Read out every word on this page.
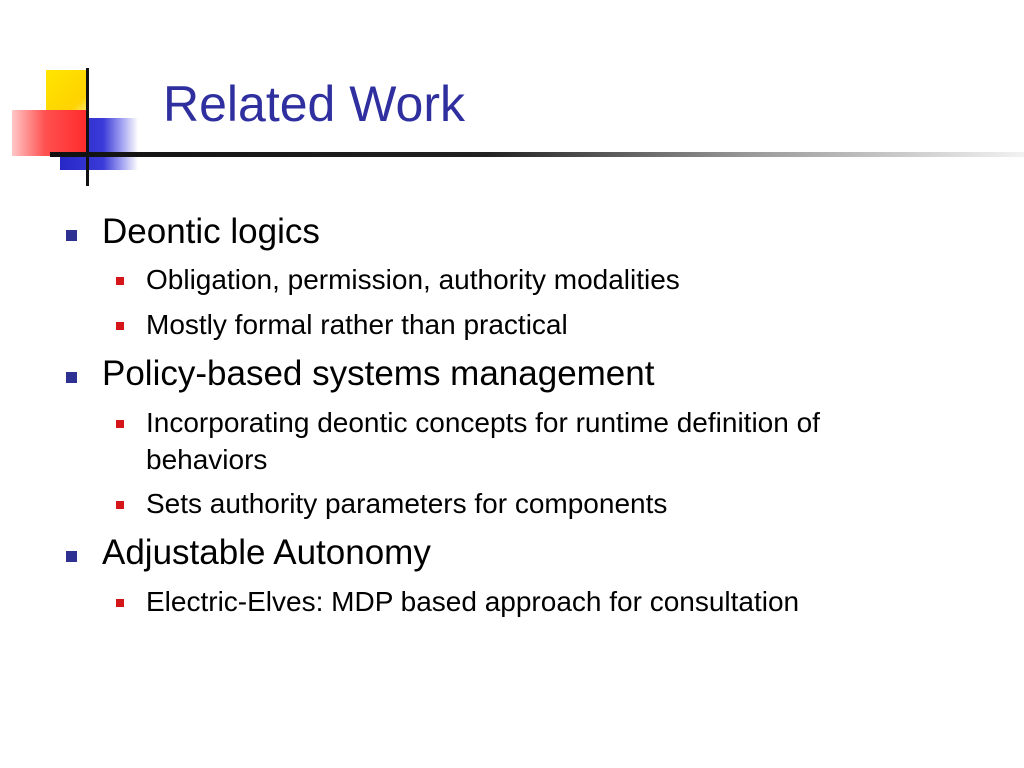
Related Work
Deontic logics
Obligation, permission, authority modalities
Mostly formal rather than practical
Policy-based systems management
Incorporating deontic concepts for runtime definition of
behaviors
Sets authority parameters for components
Adjustable Autonomy
Electric-Elves: MDP based approach for consultation
